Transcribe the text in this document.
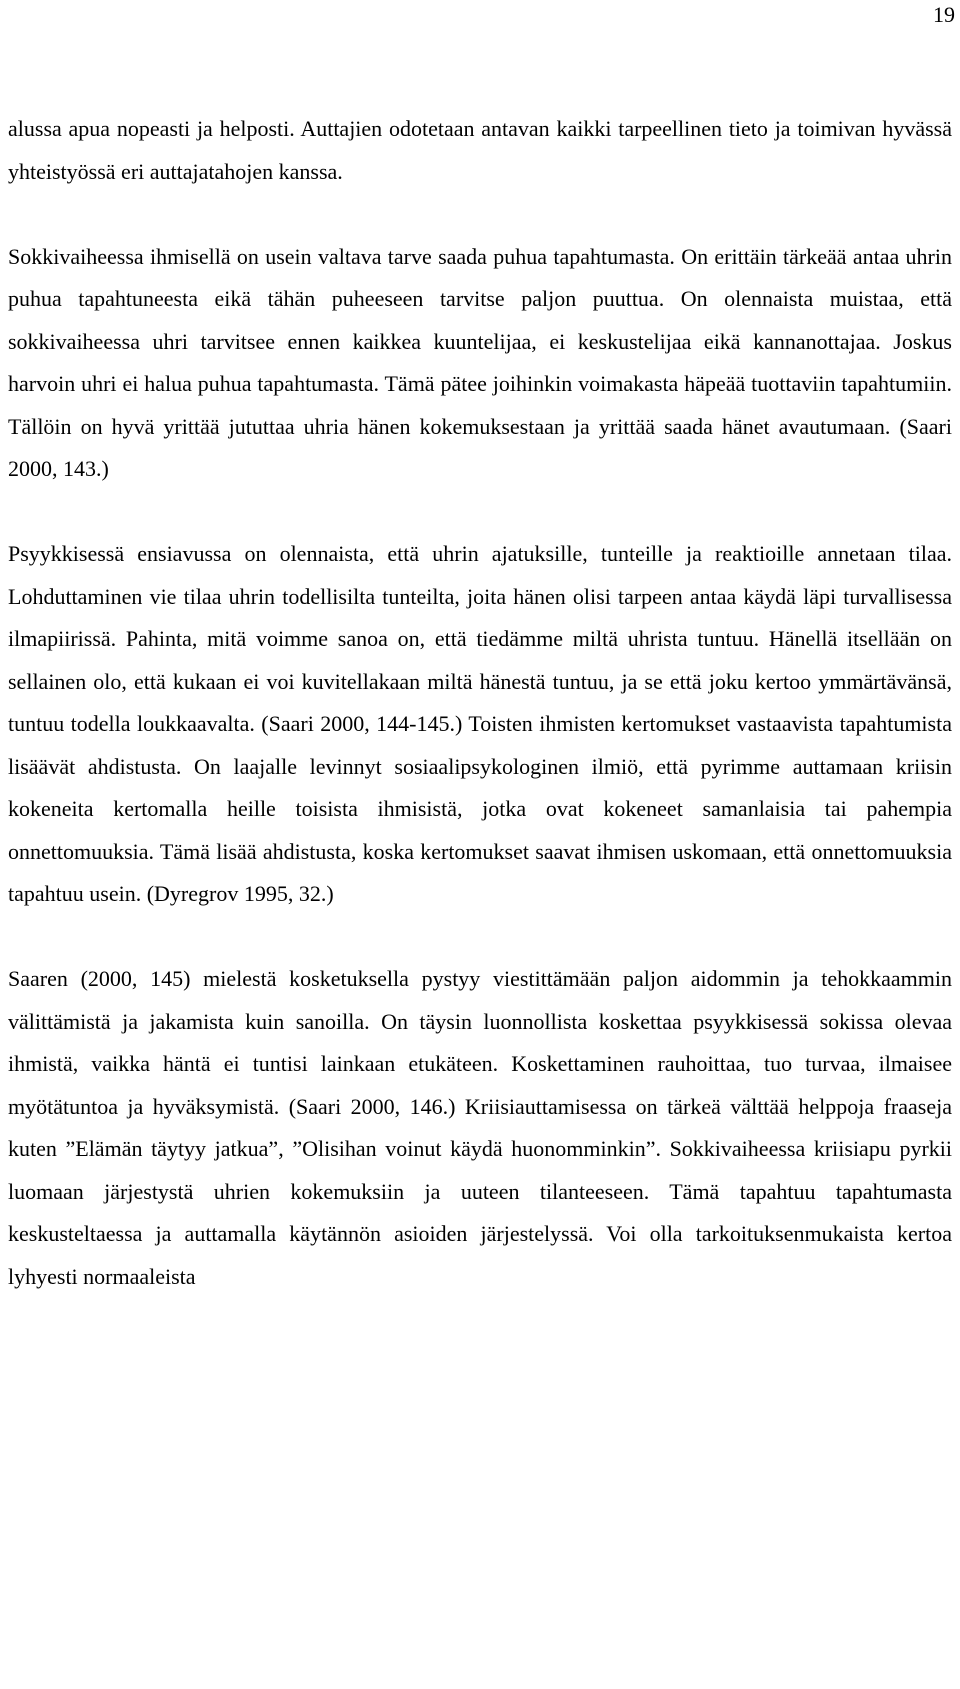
19

alussa apua nopeasti ja helposti. Auttajien odotetaan antavan kaikki tarpeellinen tieto ja toimivan hyvässä yhteistyössä eri auttajatahojen kanssa.

Sokkivaiheessa ihmisellä on usein valtava tarve saada puhua tapahtumasta. On erittäin tärkeää antaa uhrin puhua tapahtuneesta eikä tähän puheeseen tarvitse paljon puuttua. On olennaista muistaa, että sokkivaiheessa uhri tarvitsee ennen kaikkea kuuntelijaa, ei keskustelijaa eikä kannanottajaa. Joskus harvoin uhri ei halua puhua tapahtumasta. Tämä pätee joihinkin voimakasta häpeää tuottaviin tapahtumiin. Tällöin on hyvä yrittää jututtaa uhria hänen kokemuksestaan ja yrittää saada hänet avautumaan. (Saari 2000, 143.)

Psyykkisessä ensiavussa on olennaista, että uhrin ajatuksille, tunteille ja reaktioille annetaan tilaa. Lohduttaminen vie tilaa uhrin todellisilta tunteilta, joita hänen olisi tarpeen antaa käydä läpi turvallisessa ilmapiirissä. Pahinta, mitä voimme sanoa on, että tiedämme miltä uhrista tuntuu. Hänellä itsellään on sellainen olo, että kukaan ei voi kuvitellakaan miltä hänestä tuntuu, ja se että joku kertoo ymmärtävänsä, tuntuu todella loukkaavalta. (Saari 2000, 144-145.) Toisten ihmisten kertomukset vastaavista tapahtumista lisäävät ahdistusta. On laajalle levinnyt sosiaalipsykologinen ilmiö, että pyrimme auttamaan kriisin kokeneita kertomalla heille toisista ihmisistä, jotka ovat kokeneet samanlaisia tai pahempia onnettomuuksia. Tämä lisää ahdistusta, koska kertomukset saavat ihmisen uskomaan, että onnettomuuksia tapahtuu usein. (Dyregrov 1995, 32.)

Saaren (2000, 145) mielestä kosketuksella pystyy viestittämään paljon aidommin ja tehokkaammin välittämistä ja jakamista kuin sanoilla. On täysin luonnollista koskettaa psyykkisessä sokissa olevaa ihmistä, vaikka häntä ei tuntisi lainkaan etukäteen. Koskettaminen rauhoittaa, tuo turvaa, ilmaisee myötätuntoa ja hyväksymistä. (Saari 2000, 146.) Kriisiauttamisessa on tärkeä välttää helppoja fraaseja kuten ”Elämän täytyy jatkua”, ”Olisihan voinut käydä huonomminkin”. Sokkivaiheessa kriisiapu pyrkii luomaan järjestystä uhrien kokemuksiin ja uuteen tilanteeseen. Tämä tapahtuu tapahtumasta keskusteltaessa ja auttamalla käytännön asioiden järjestelyssä. Voi olla tarkoituksenmukaista kertoa lyhyesti normaaleista
